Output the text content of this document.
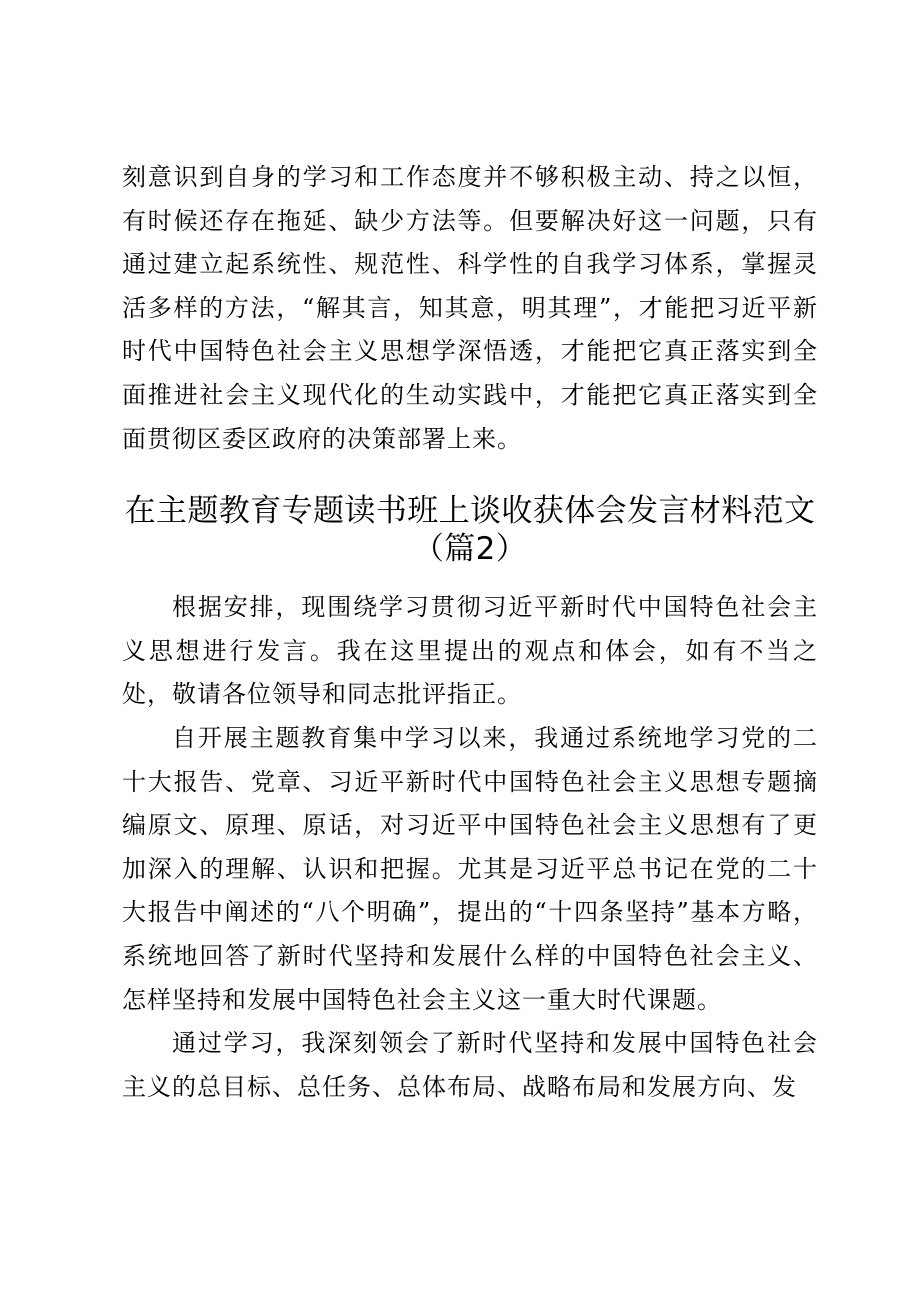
刻意识到自身的学习和工作态度并不够积极主动、持之以恒，有时候还存在拖延、缺少方法等。但要解决好这一问题，只有通过建立起系统性、规范性、科学性的自我学习体系，掌握灵活多样的方法，“解其言，知其意，明其理”，才能把习近平新时代中国特色社会主义思想学深悟透，才能把它真正落实到全面推进社会主义现代化的生动实践中，才能把它真正落实到全面贯彻区委区政府的决策部署上来。

在主题教育专题读书班上谈收获体会发言材料范文
（篇2）

根据安排，现围绕学习贯彻习近平新时代中国特色社会主义思想进行发言。我在这里提出的观点和体会，如有不当之处，敬请各位领导和同志批评指正。

自开展主题教育集中学习以来，我通过系统地学习党的二十大报告、党章、习近平新时代中国特色社会主义思想专题摘编原文、原理、原话，对习近平中国特色社会主义思想有了更加深入的理解、认识和把握。尤其是习近平总书记在党的二十大报告中阐述的“八个明确”，提出的“十四条坚持”基本方略，系统地回答了新时代坚持和发展什么样的中国特色社会主义、怎样坚持和发展中国特色社会主义这一重大时代课题。

通过学习，我深刻领会了新时代坚持和发展中国特色社会主义的总目标、总任务、总体布局、战略布局和发展方向、发
